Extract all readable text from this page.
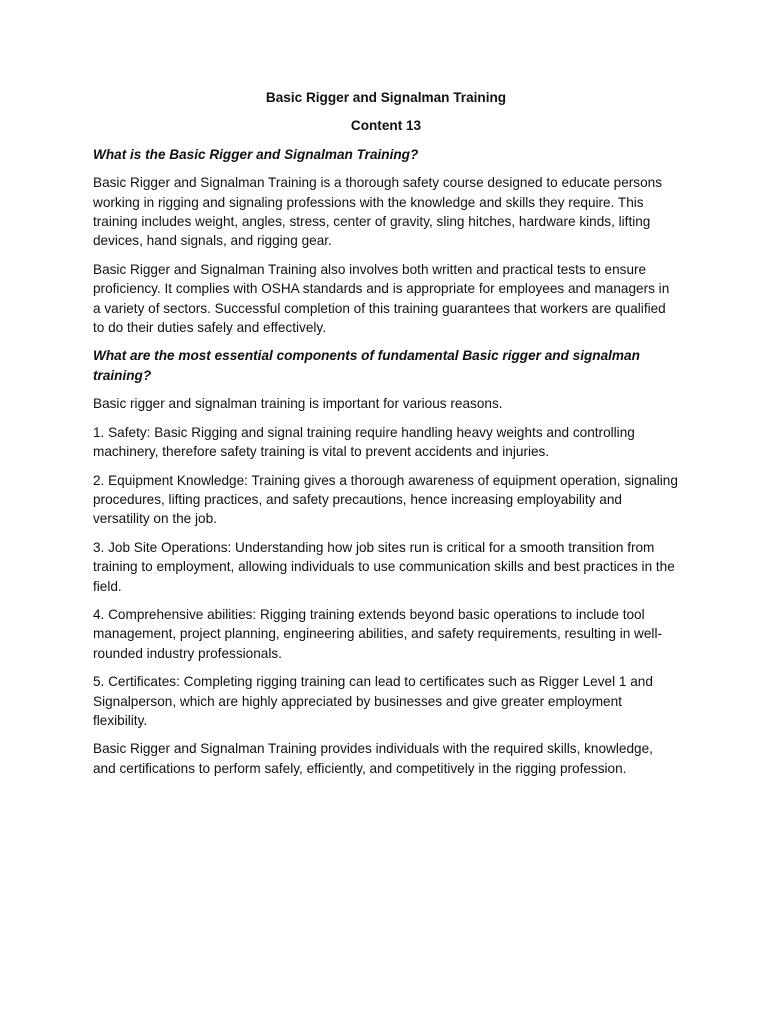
Basic Rigger and Signalman Training

Content 13

What is the Basic Rigger and Signalman Training?

Basic Rigger and Signalman Training is a thorough safety course designed to educate persons working in rigging and signaling professions with the knowledge and skills they require. This training includes weight, angles, stress, center of gravity, sling hitches, hardware kinds, lifting devices, hand signals, and rigging gear.

Basic Rigger and Signalman Training also involves both written and practical tests to ensure proficiency. It complies with OSHA standards and is appropriate for employees and managers in a variety of sectors. Successful completion of this training guarantees that workers are qualified to do their duties safely and effectively.

What are the most essential components of fundamental Basic rigger and signalman training?

Basic rigger and signalman training is important for various reasons.

1. Safety: Basic Rigging and signal training require handling heavy weights and controlling machinery, therefore safety training is vital to prevent accidents and injuries.

2. Equipment Knowledge: Training gives a thorough awareness of equipment operation, signaling procedures, lifting practices, and safety precautions, hence increasing employability and versatility on the job.

3. Job Site Operations: Understanding how job sites run is critical for a smooth transition from training to employment, allowing individuals to use communication skills and best practices in the field.

4. Comprehensive abilities: Rigging training extends beyond basic operations to include tool management, project planning, engineering abilities, and safety requirements, resulting in well-rounded industry professionals.

5. Certificates: Completing rigging training can lead to certificates such as Rigger Level 1 and Signalperson, which are highly appreciated by businesses and give greater employment flexibility.

Basic Rigger and Signalman Training provides individuals with the required skills, knowledge, and certifications to perform safely, efficiently, and competitively in the rigging profession.
